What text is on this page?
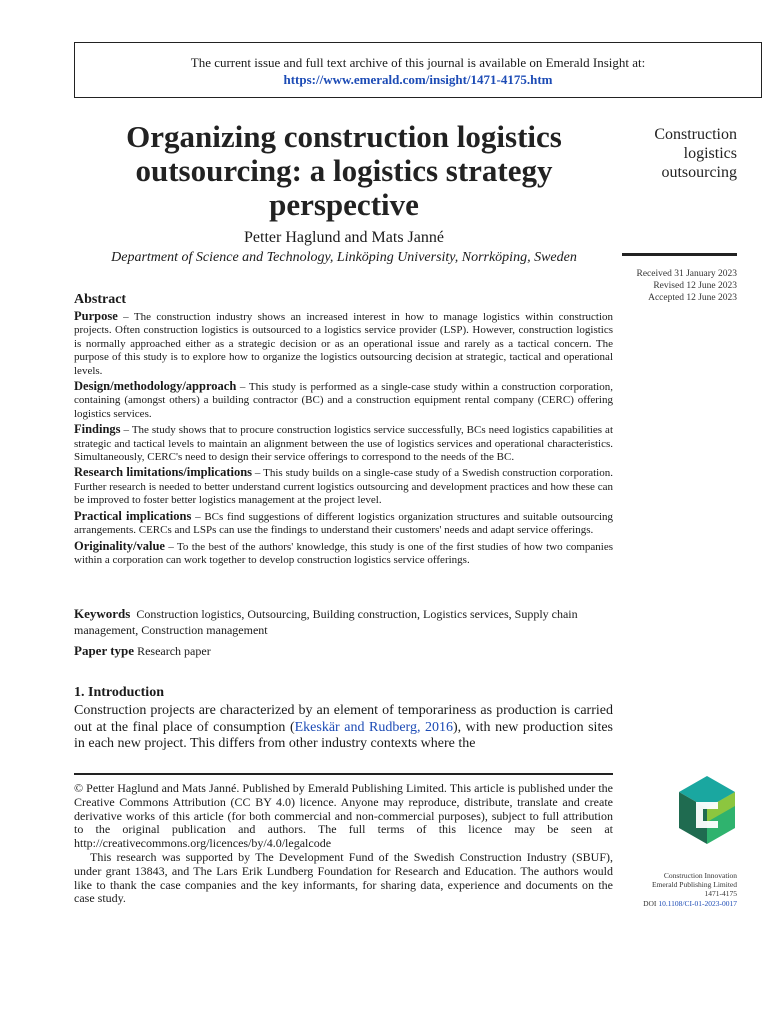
The current issue and full text archive of this journal is available on Emerald Insight at:
https://www.emerald.com/insight/1471-4175.htm
Organizing construction logistics outsourcing: a logistics strategy perspective
Construction logistics outsourcing
Petter Haglund and Mats Janné
Department of Science and Technology, Linköping University, Norrköping, Sweden
Received 31 January 2023
Revised 12 June 2023
Accepted 12 June 2023
Abstract

Purpose – The construction industry shows an increased interest in how to manage logistics within construction projects. Often construction logistics is outsourced to a logistics service provider (LSP). However, construction logistics is normally approached either as a strategic decision or as an operational issue and rarely as a tactical concern. The purpose of this study is to explore how to organize the logistics outsourcing decision at strategic, tactical and operational levels.

Design/methodology/approach – This study is performed as a single-case study within a construction corporation, containing (amongst others) a building contractor (BC) and a construction equipment rental company (CERC) offering logistics services.

Findings – The study shows that to procure construction logistics service successfully, BCs need logistics capabilities at strategic and tactical levels to maintain an alignment between the use of logistics services and operational characteristics. Simultaneously, CERC's need to design their service offerings to correspond to the needs of the BC.

Research limitations/implications – This study builds on a single-case study of a Swedish construction corporation. Further research is needed to better understand current logistics outsourcing and development practices and how these can be improved to foster better logistics management at the project level.

Practical implications – BCs find suggestions of different logistics organization structures and suitable outsourcing arrangements. CERCs and LSPs can use the findings to understand their customers' needs and adapt service offerings.

Originality/value – To the best of the authors' knowledge, this study is one of the first studies of how two companies within a corporation can work together to develop construction logistics service offerings.

Keywords Construction logistics, Outsourcing, Building construction, Logistics services, Supply chain management, Construction management
Paper type Research paper
1. Introduction
Construction projects are characterized by an element of temporariness as production is carried out at the final place of consumption (Ekeskär and Rudberg, 2016), with new production sites in each new project. This differs from other industry contexts where the

© Petter Haglund and Mats Janné. Published by Emerald Publishing Limited. This article is published under the Creative Commons Attribution (CC BY 4.0) licence. Anyone may reproduce, distribute, translate and create derivative works of this article (for both commercial and non-commercial purposes), subject to full attribution to the original publication and authors. The full terms of this licence may be seen at http://creativecommons.org/licences/by/4.0/legalcode

This research was supported by The Development Fund of the Swedish Construction Industry (SBUF), under grant 13843, and The Lars Erik Lundberg Foundation for Research and Education. The authors would like to thank the case companies and the key informants, for sharing data, experience and documents on the case study.

Construction Innovation
Emerald Publishing Limited
1471-4175
DOI 10.1108/CI-01-2023-0017
